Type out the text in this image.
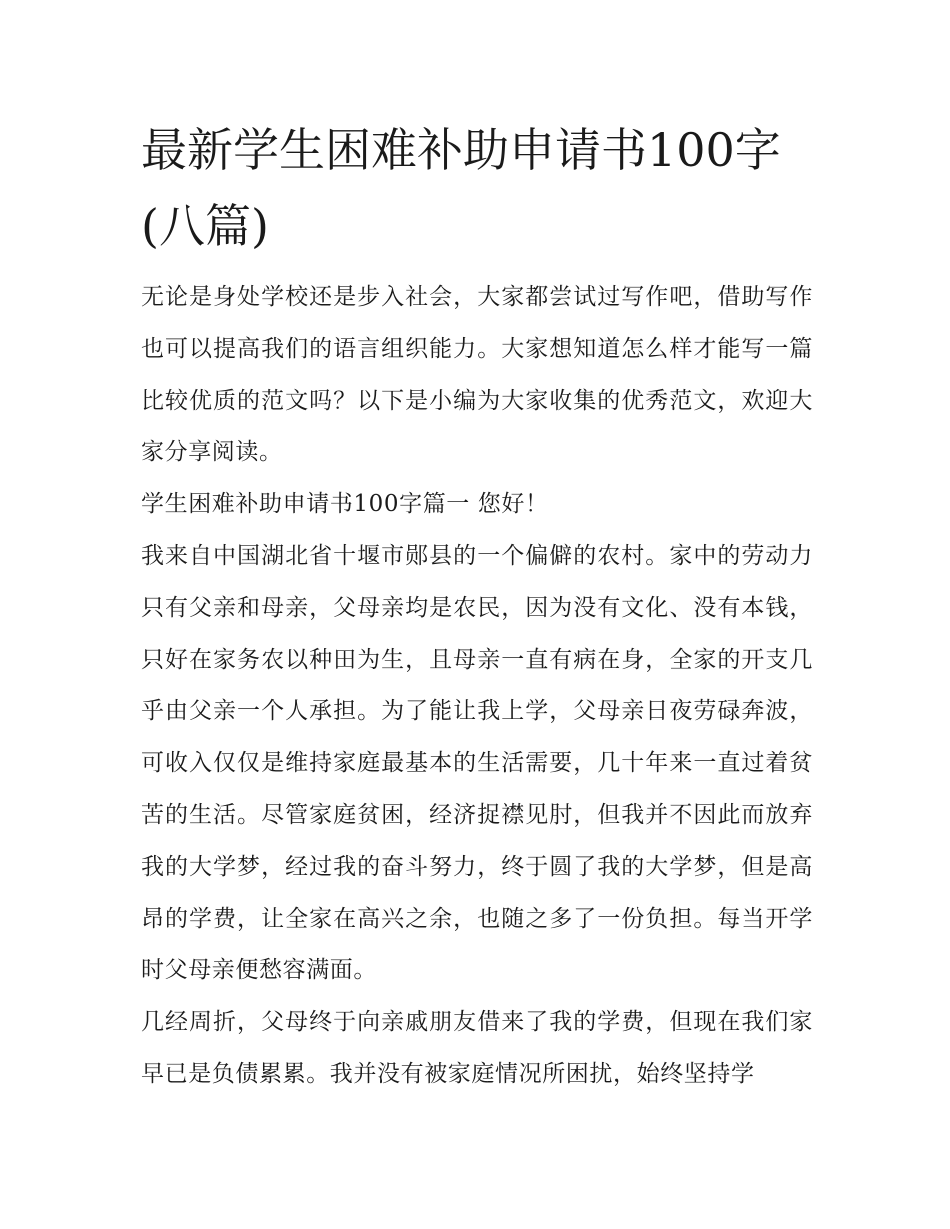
最新学生困难补助申请书100字(八篇)

无论是身处学校还是步入社会，大家都尝试过写作吧，借助写作也可以提高我们的语言组织能力。大家想知道怎么样才能写一篇比较优质的范文吗？以下是小编为大家收集的优秀范文，欢迎大家分享阅读。

学生困难补助申请书100字篇一 您好！

我来自中国湖北省十堰市郧县的一个偏僻的农村。家中的劳动力只有父亲和母亲，父母亲均是农民，因为没有文化、没有本钱，只好在家务农以种田为生，且母亲一直有病在身，全家的开支几乎由父亲一个人承担。为了能让我上学，父母亲日夜劳碌奔波，可收入仅仅是维持家庭最基本的生活需要，几十年来一直过着贫苦的生活。尽管家庭贫困，经济捉襟见肘，但我并不因此而放弃我的大学梦，经过我的奋斗努力，终于圆了我的大学梦，但是高昂的学费，让全家在高兴之余，也随之多了一份负担。每当开学时父母亲便愁容满面。

几经周折，父母终于向亲戚朋友借来了我的学费，但现在我们家早已是负债累累。我并没有被家庭情况所困扰，始终坚持学
